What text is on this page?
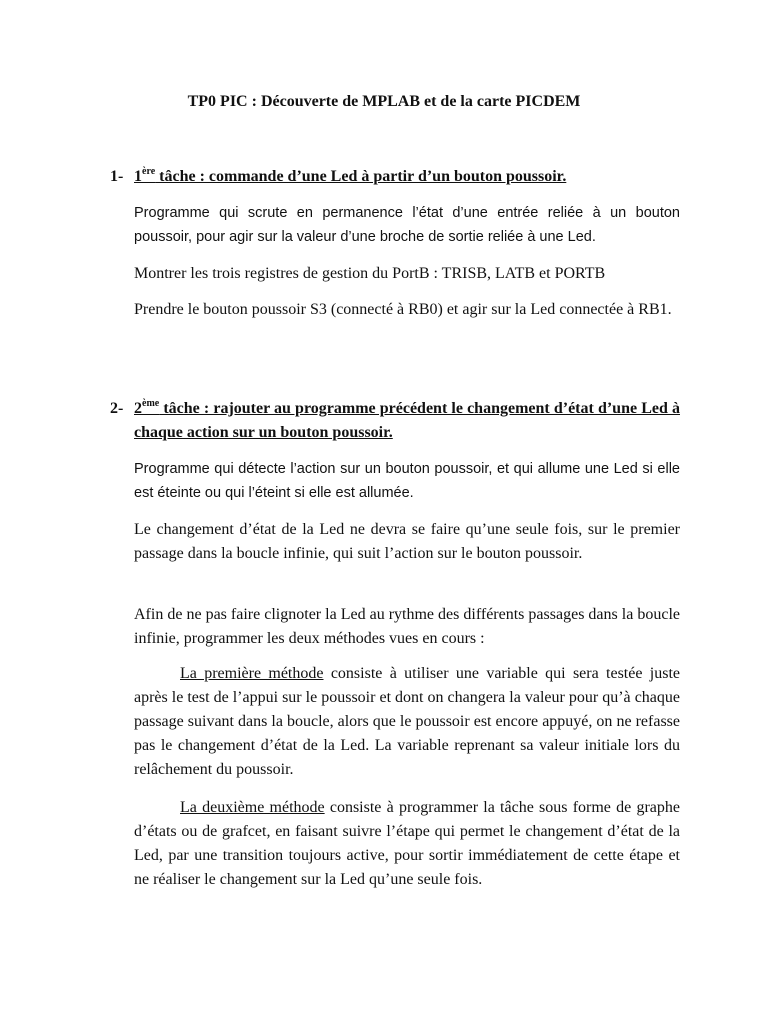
TP0 PIC : Découverte de MPLAB et de la carte PICDEM
1- 1ère tâche : commande d’une Led à partir d’un bouton poussoir.

Programme qui scrute en permanence l’état d’une entrée reliée à un bouton poussoir, pour agir sur la valeur d’une broche de sortie reliée à une Led.

Montrer les trois registres de gestion du PortB : TRISB, LATB et PORTB

Prendre le bouton poussoir S3 (connecté à RB0) et agir sur la Led connectée à RB1.

2- 2ème tâche : rajouter au programme précédent le changement d’état d’une Led à chaque action sur un bouton poussoir.

Programme qui détecte l’action sur un bouton poussoir, et qui allume une Led si elle est éteinte ou qui l’éteint si elle est allumée.

Le changement d’état de la Led ne devra se faire qu’une seule fois, sur le premier passage dans la boucle infinie, qui suit l’action sur le bouton poussoir.

Afin de ne pas faire clignoter la Led au rythme des différents passages dans la boucle infinie, programmer les deux méthodes vues en cours :

La première méthode consiste à utiliser une variable qui sera testée juste après le test de l’appui sur le poussoir et dont on changera la valeur pour qu’à chaque passage suivant dans la boucle, alors que le poussoir est encore appuyé, on ne refasse pas le changement d’état de la Led. La variable reprenant sa valeur initiale lors du relâchement du poussoir.

La deuxième méthode consiste à programmer la tâche sous forme de graphe d’états ou de grafcet, en faisant suivre l’étape qui permet le changement d’état de la Led, par une transition toujours active, pour sortir immédiatement de cette étape et ne réaliser le changement sur la Led qu’une seule fois.
